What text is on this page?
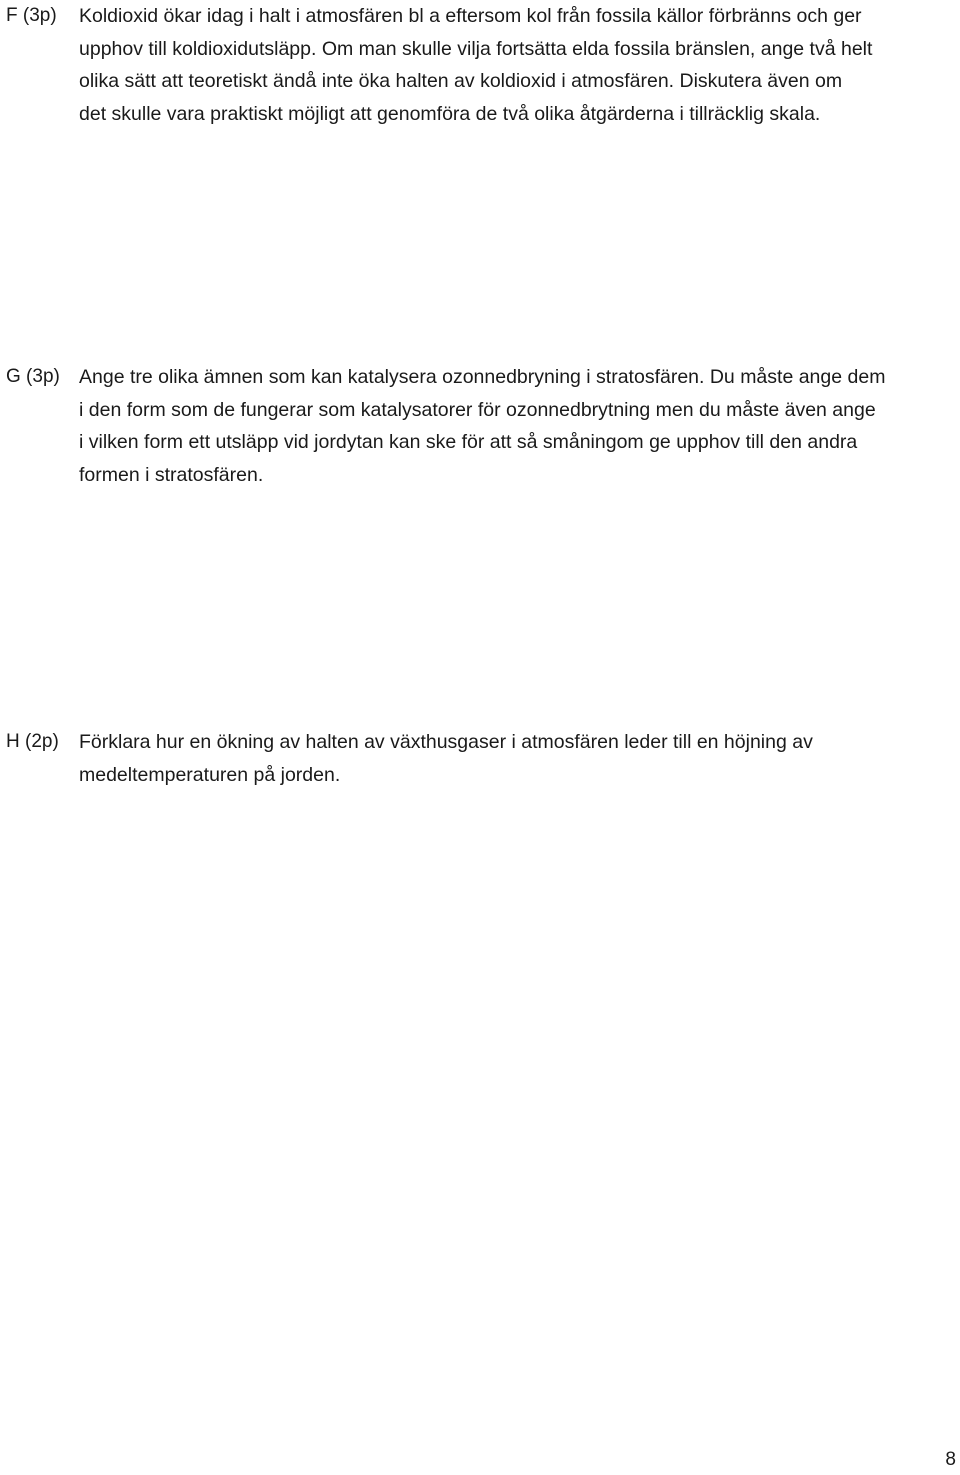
F (3p)	Koldioxid ökar idag i halt i atmosfären bl a eftersom kol från fossila källor förbränns och ger
upphov till koldioxidutsläpp. Om man skulle vilja fortsätta elda fossila bränslen, ange två helt
olika sätt att teoretiskt ändå inte öka halten av koldioxid i atmosfären. Diskutera även om
det skulle vara praktiskt möjligt att genomföra de två olika åtgärderna i tillräcklig skala.
G (3p) Ange tre olika ämnen som kan katalysera ozonnedbryning i stratosfären. Du måste ange dem
i den form som de fungerar som katalysatorer för ozonnedbrytning men du måste även ange
i vilken form ett utsläpp vid jordytan kan ske för att så småningom ge upphov till den andra
formen i stratosfären.
H (2p)	Förklara hur en ökning av halten av växthusgaser i atmosfären leder till en höjning av
medeltemperaturen på jorden.
8
